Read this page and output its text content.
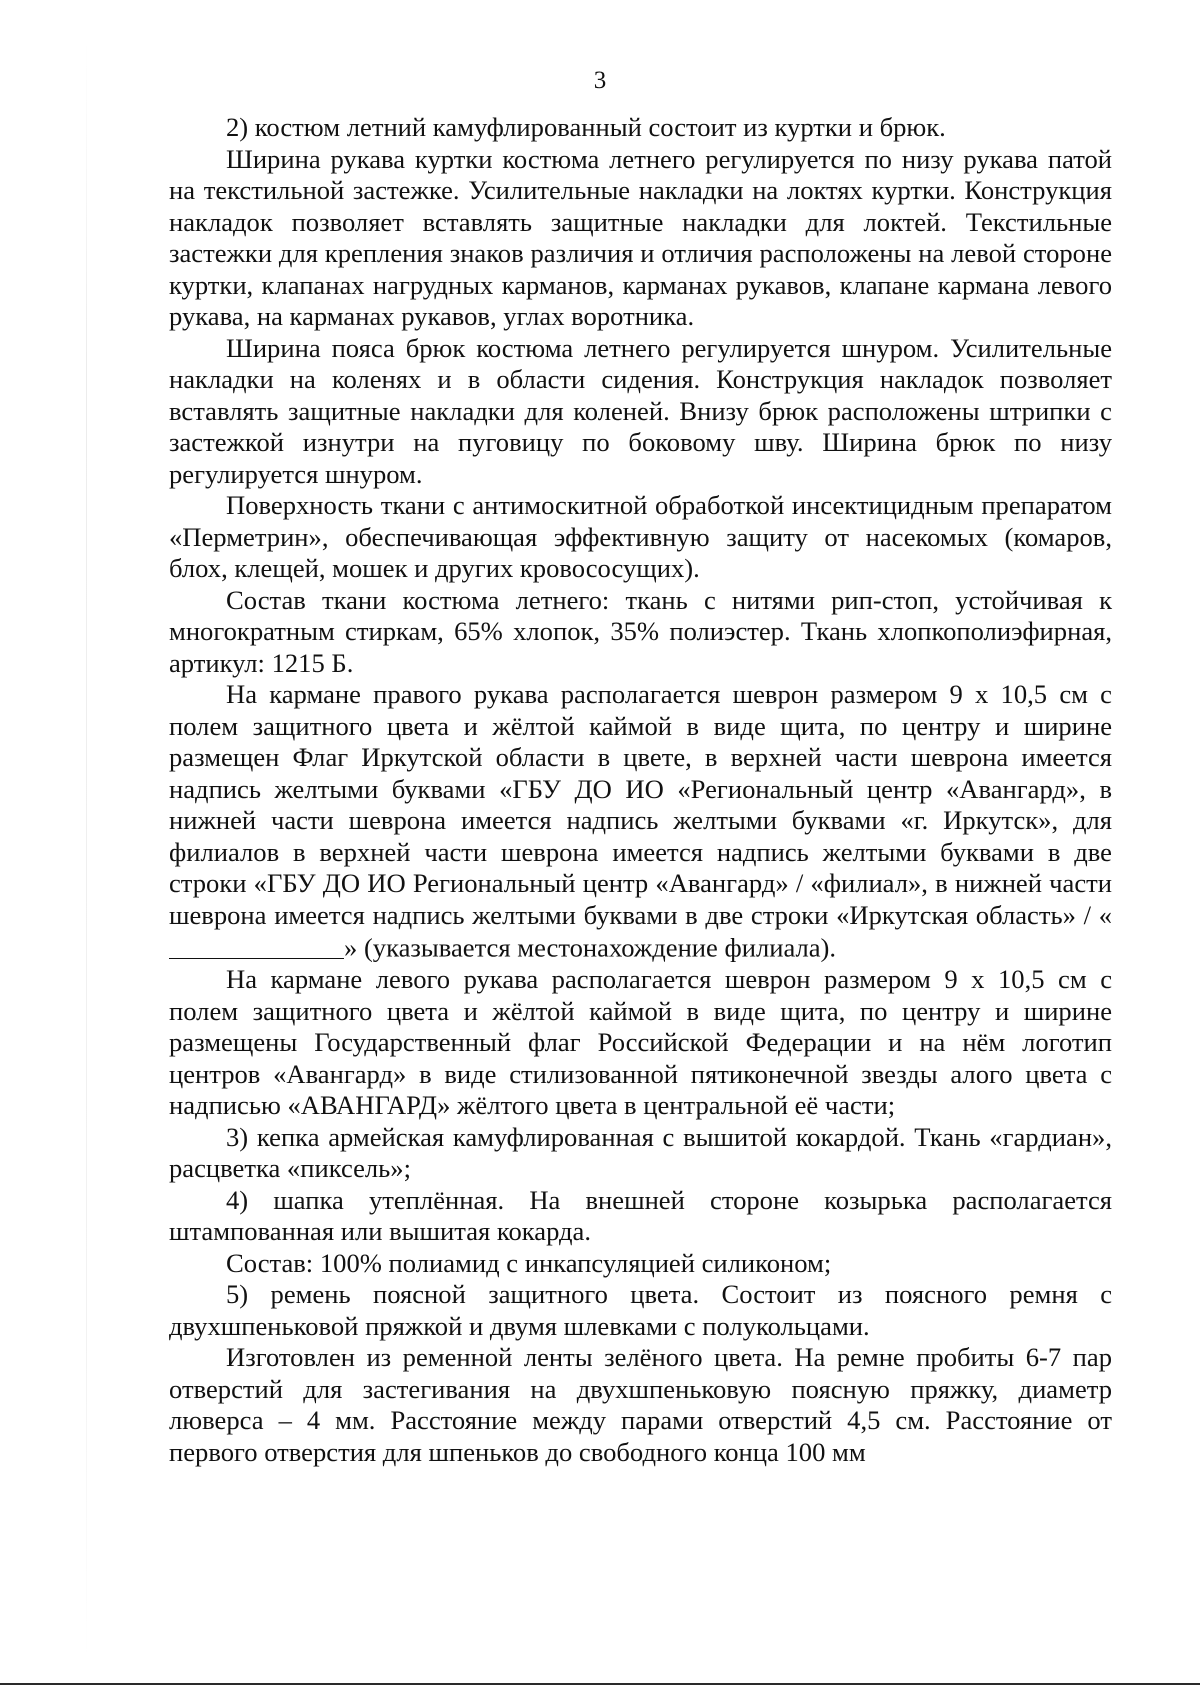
3

2) костюм летний камуфлированный состоит из куртки и брюк.

Ширина рукава куртки костюма летнего регулируется по низу рукава патой на текстильной застежке. Усилительные накладки на локтях куртки. Конструкция накладок позволяет вставлять защитные накладки для локтей. Текстильные застежки для крепления знаков различия и отличия расположены на левой стороне куртки, клапанах нагрудных карманов, карманах рукавов, клапане кармана левого рукава, на карманах рукавов, углах воротника.

Ширина пояса брюк костюма летнего регулируется шнуром. Усилительные накладки на коленях и в области сидения. Конструкция накладок позволяет вставлять защитные накладки для коленей. Внизу брюк расположены штрипки с застежкой изнутри на пуговицу по боковому шву. Ширина брюк по низу регулируется шнуром.

Поверхность ткани с антимоскитной обработкой инсектицидным препаратом «Перметрин», обеспечивающая эффективную защиту от насекомых (комаров, блох, клещей, мошек и других кровососущих).

Состав ткани костюма летнего: ткань с нитями рип-стоп, устойчивая к многократным стиркам, 65% хлопок, 35% полиэстер. Ткань хлопкополиэфирная, артикул: 1215 Б.

На кармане правого рукава располагается шеврон размером 9 х 10,5 см с полем защитного цвета и жёлтой каймой в виде щита, по центру и ширине размещен Флаг Иркутской области в цвете, в верхней части шеврона имеется надпись желтыми буквами «ГБУ ДО ИО «Региональный центр «Авангард», в нижней части шеврона имеется надпись желтыми буквами «г. Иркутск», для филиалов в верхней части шеврона имеется надпись желтыми буквами в две строки «ГБУ ДО ИО Региональный центр «Авангард» / «филиал», в нижней части шеврона имеется надпись желтыми буквами в две строки «Иркутская область» / «» (указывается местонахождение филиала).

На кармане левого рукава располагается шеврон размером 9 х 10,5 см с полем защитного цвета и жёлтой каймой в виде щита, по центру и ширине размещены Государственный флаг Российской Федерации и на нём логотип центров «Авангард» в виде стилизованной пятиконечной звезды алого цвета с надписью «АВАНГАРД» жёлтого цвета в центральной её части;

3) кепка армейская камуфлированная с вышитой кокардой. Ткань «гардиан», расцветка «пиксель»;

4) шапка утеплённая. На внешней стороне козырька располагается штампованная или вышитая кокарда.

Состав: 100% полиамид с инкапсуляцией силиконом;

5) ремень поясной защитного цвета. Состоит из поясного ремня с двухшпеньковой пряжкой и двумя шлевками с полукольцами.

Изготовлен из ременной ленты зелёного цвета. На ремне пробиты 6-7 пар отверстий для застегивания на двухшпеньковую поясную пряжку, диаметр люверса – 4 мм. Расстояние между парами отверстий 4,5 см. Расстояние от первого отверстия для шпеньков до свободного конца 100 мм
